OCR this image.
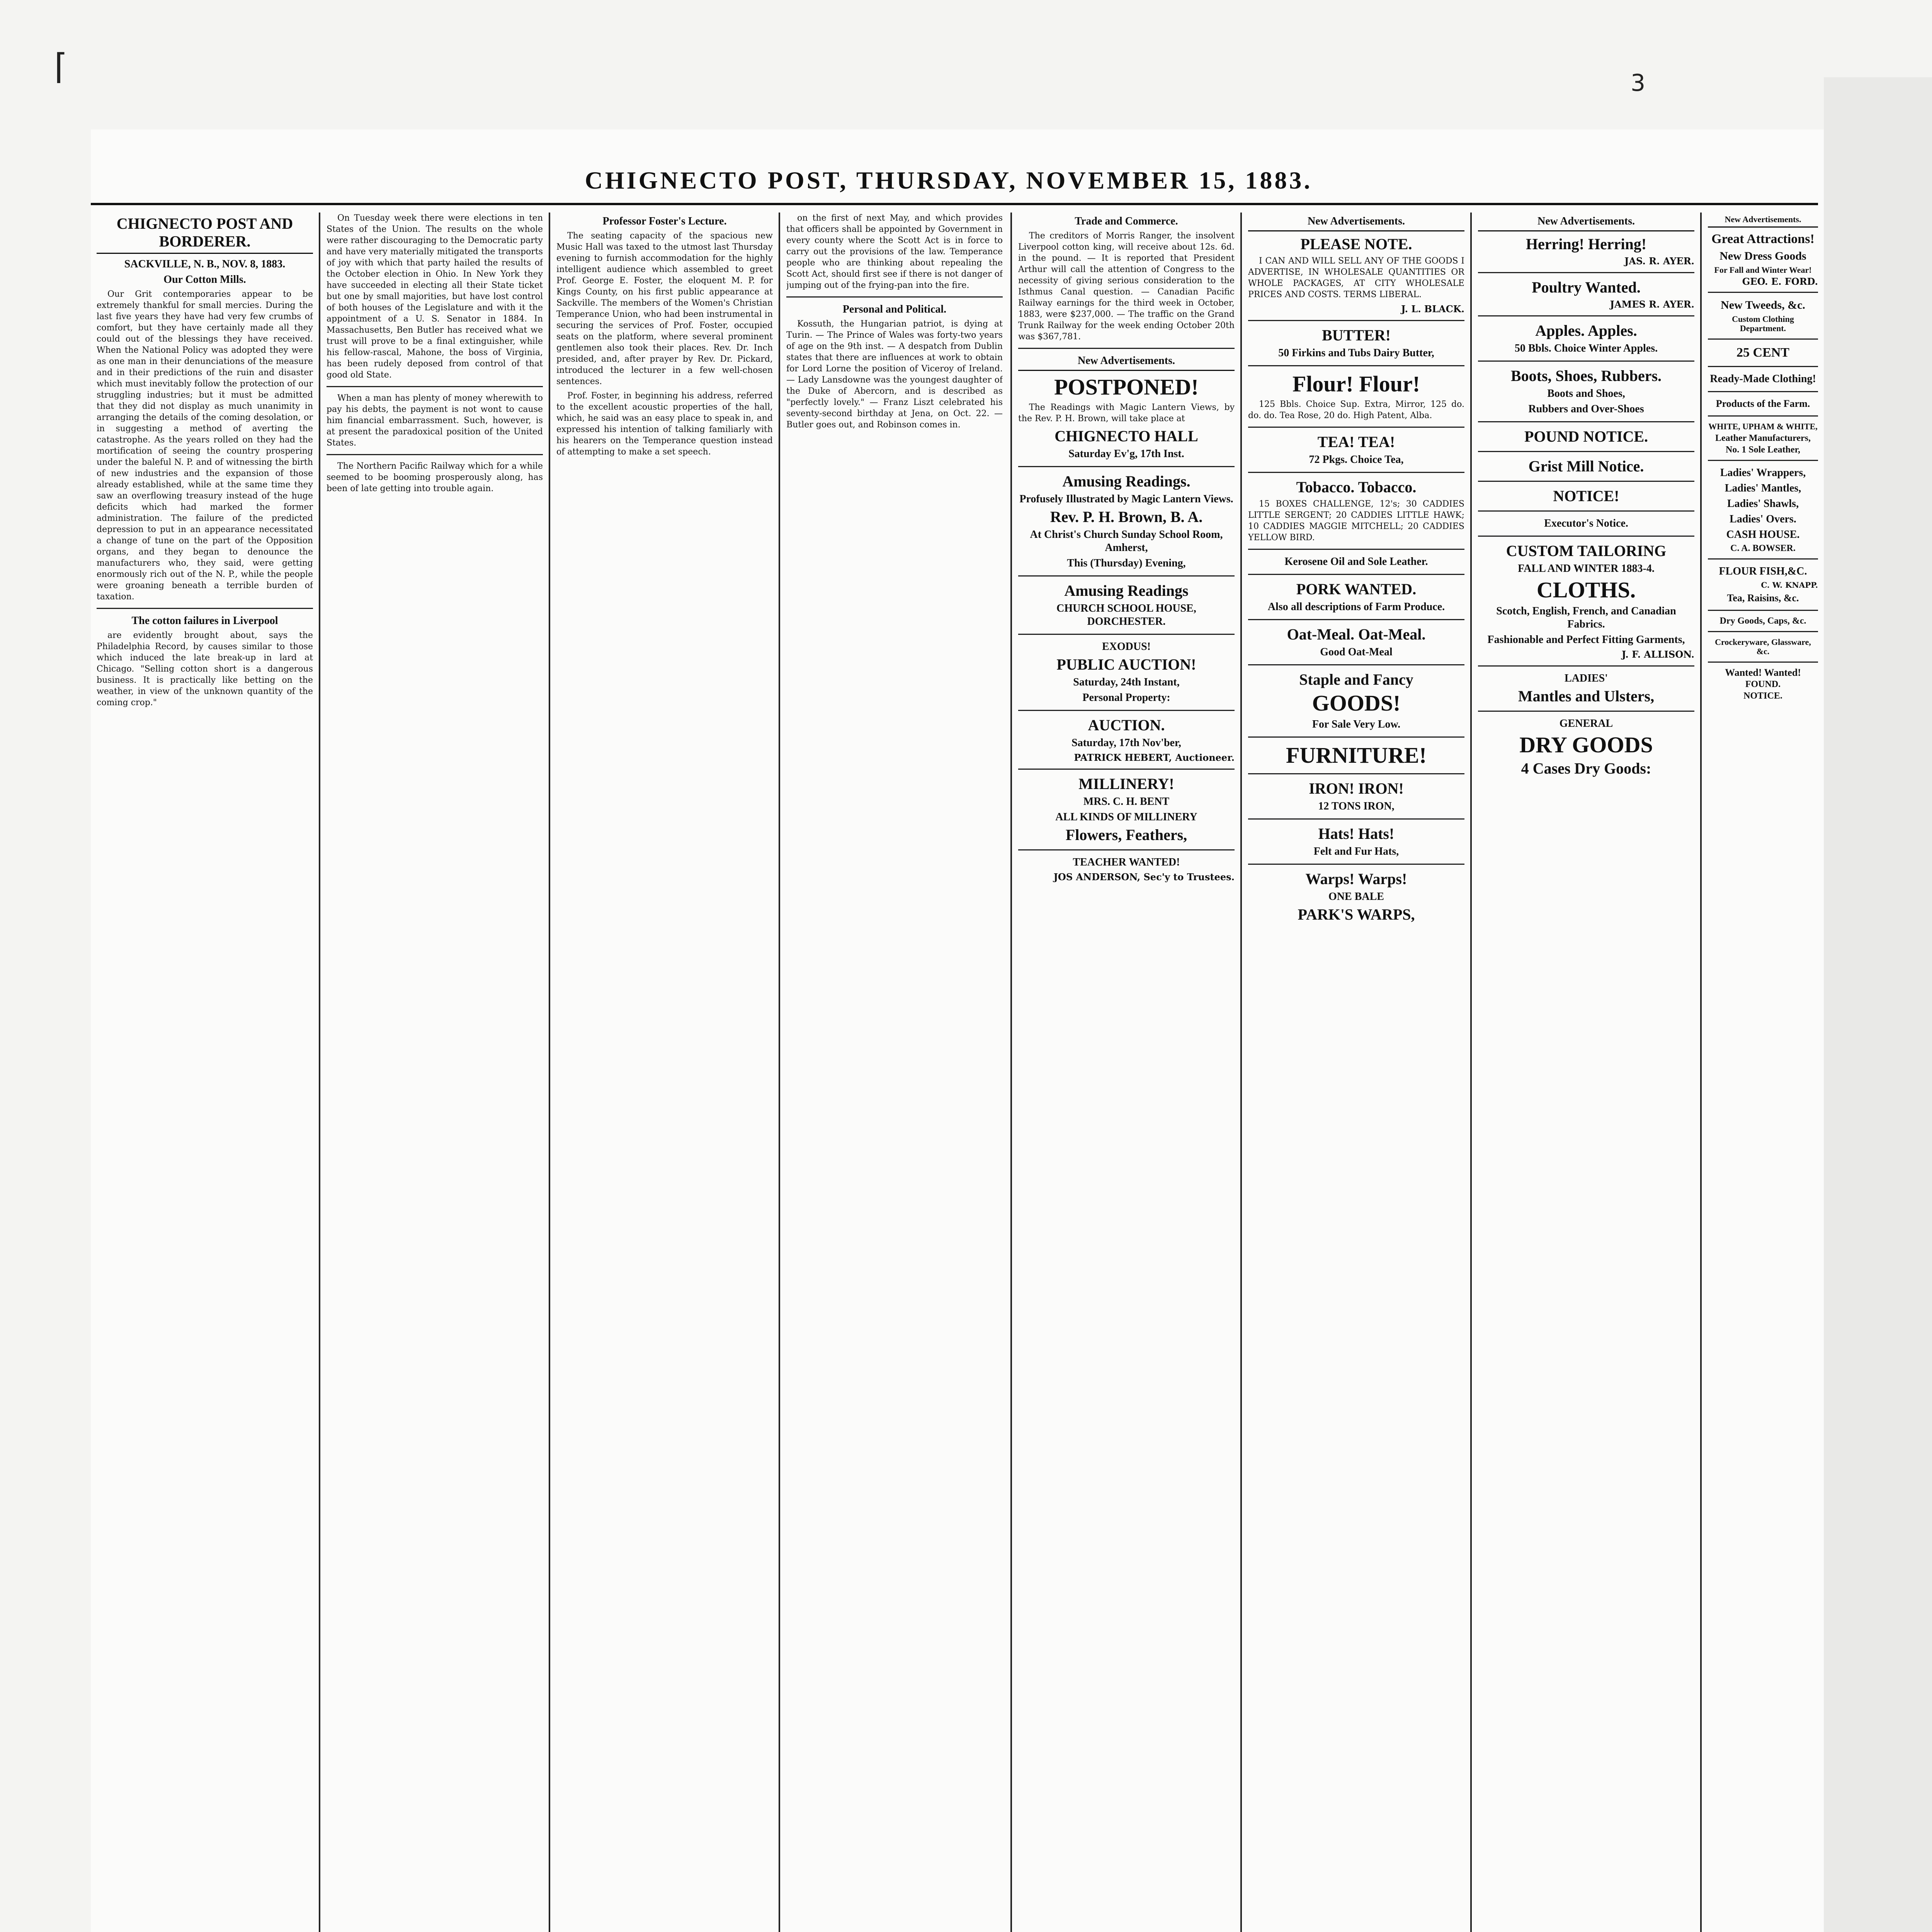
⌈	3
CHIGNECTO POST, THURSDAY, NOVEMBER 15, 1883.
CHIGNECTO POST AND BORDERER.
SACKVILLE, N. B., NOV. 8, 1883.
Our Cotton Mills.

Our Grit contemporaries appear to be extremely thankful for small mercies. During the last five years they have had very few crumbs of comfort, but they have certainly made all they could out of the blessings they have received. When the National Policy was adopted they were as one man in their denunciations of the measure and in their predictions of the ruin and disaster which must inevitably follow the protection of our struggling industries; but it must be admitted that they did not display as much unanimity in arranging the details of the coming desolation, or in suggesting a method of averting the catastrophe. As the years rolled on they had the mortification of seeing the country prospering under the baleful N. P. and of witnessing the birth of new industries and the expansion of those already established, while at the same time they saw an overflowing treasury instead of the huge deficits which had marked the former administration. The failure of the predicted depression to put in an appearance necessitated a change of tune on the part of the Opposition organs, and they began to denounce the manufacturers who, they said, were getting enormously rich out of the N. P., while the people were groaning beneath a terrible burden of taxation.

The cotton failures in Liverpool

are evidently brought about, says the Philadelphia Record, by causes similar to those which induced the late break-up in lard at Chicago. "Selling cotton short is a dangerous business. It is practically like betting on the weather, in view of the unknown quantity of the coming crop."

On Tuesday week there were elections in ten States of the Union. The results on the whole were rather discouraging to the Democratic party and have very materially mitigated the transports of joy with which that party hailed the results of the October election in Ohio. In New York they have succeeded in electing all their State ticket but one by small majorities, but have lost control of both houses of the Legislature and with it the appointment of a U. S. Senator in 1884. In Massachusetts, Ben Butler has received what we trust will prove to be a final extinguisher, while his fellow-rascal, Mahone, the boss of Virginia, has been rudely deposed from control of that good old State.

When a man has plenty of money wherewith to pay his debts, the payment is not wont to cause him financial embarrassment. Such, however, is at present the paradoxical position of the United States.

The Northern Pacific Railway which for a while seemed to be booming prosperously along, has been of late getting into trouble again.

Professor Foster's Lecture.

The seating capacity of the spacious new Music Hall was taxed to the utmost last Thursday evening to furnish accommodation for the highly intelligent audience which assembled to greet Prof. George E. Foster, the eloquent M. P. for Kings County, on his first public appearance at Sackville. The members of the Women's Christian Temperance Union, who had been instrumental in securing the services of Prof. Foster, occupied seats on the platform, where several prominent gentlemen also took their places. Rev. Dr. Inch presided, and, after prayer by Rev. Dr. Pickard, introduced the lecturer in a few well-chosen sentences.

Prof. Foster, in beginning his address, referred to the excellent acoustic properties of the hall, which, he said was an easy place to speak in, and expressed his intention of talking familiarly with his hearers on the Temperance question instead of attempting to make a set speech.

on the first of next May, and which provides that officers shall be appointed by Government in every county where the Scott Act is in force to carry out the provisions of the law. Temperance people who are thinking about repealing the Scott Act, should first see if there is not danger of jumping out of the frying-pan into the fire.

Personal and Political.

Kossuth, the Hungarian patriot, is dying at Turin. — The Prince of Wales was forty-two years of age on the 9th inst. — A despatch from Dublin states that there are influences at work to obtain for Lord Lorne the position of Viceroy of Ireland. — Lady Lansdowne was the youngest daughter of the Duke of Abercorn, and is described as "perfectly lovely." — Franz Liszt celebrated his seventy-second birthday at Jena, on Oct. 22. — Butler goes out, and Robinson comes in.

Trade and Commerce.

The creditors of Morris Ranger, the insolvent Liverpool cotton king, will receive about 12s. 6d. in the pound. — It is reported that President Arthur will call the attention of Congress to the necessity of giving serious consideration to the Isthmus Canal question. — Canadian Pacific Railway earnings for the third week in October, 1883, were $237,000. — The traffic on the Grand Trunk Railway for the week ending October 20th was $367,781.

New Advertisements.
POSTPONED!

The Readings with Magic Lantern Views, by the Rev. P. H. Brown, will take place at

CHIGNECTO HALL
Saturday Ev'g, 17th Inst.
Amusing Readings.
Profusely Illustrated by Magic Lantern Views.
Rev. P. H. Brown, B. A.
At Christ's Church Sunday School Room, Amherst,
This (Thursday) Evening,
Amusing Readings
CHURCH SCHOOL HOUSE, DORCHESTER.
EXODUS!
PUBLIC AUCTION!
Saturday, 24th Instant,
Personal Property:
AUCTION.
Saturday, 17th Nov'ber,
PATRICK HEBERT, Auctioneer.
MILLINERY!
MRS. C. H. BENT
ALL KINDS OF MILLINERY
Flowers, Feathers,
TEACHER WANTED!
JOS ANDERSON, Sec'y to Trustees.
New Advertisements.
PLEASE NOTE.

I CAN AND WILL SELL ANY OF THE GOODS I ADVERTISE, IN WHOLESALE QUANTITIES OR WHOLE PACKAGES, AT CITY WHOLESALE PRICES AND COSTS. TERMS LIBERAL.

J. L. BLACK.
BUTTER!
50 Firkins and Tubs Dairy Butter,
Flour! Flour!

125 Bbls. Choice Sup. Extra, Mirror, 125 do. do. do. Tea Rose, 20 do. High Patent, Alba.

TEA! TEA!
72 Pkgs. Choice Tea,
Tobacco. Tobacco.

15 BOXES CHALLENGE, 12's; 30 CADDIES LITTLE SERGENT; 20 CADDIES LITTLE HAWK; 10 CADDIES MAGGIE MITCHELL; 20 CADDIES YELLOW BIRD.

Kerosene Oil and Sole Leather.
PORK WANTED.
Also all descriptions of Farm Produce.
Oat-Meal. Oat-Meal.
Good Oat-Meal
Staple and Fancy
GOODS!
For Sale Very Low.
FURNITURE!
IRON! IRON!
12 TONS IRON,
Hats! Hats!
Felt and Fur Hats,
Warps! Warps!
ONE BALE
PARK'S WARPS,
New Advertisements.
Herring! Herring!
JAS. R. AYER.
Poultry Wanted.
JAMES R. AYER.
Apples. Apples.
50 Bbls. Choice Winter Apples.
Boots, Shoes, Rubbers.
Boots and Shoes,
Rubbers and Over-Shoes
POUND NOTICE.
Grist Mill Notice.
NOTICE!
Executor's Notice.
CUSTOM TAILORING
FALL AND WINTER 1883-4.
CLOTHS.
Scotch, English, French, and Canadian Fabrics.
Fashionable and Perfect Fitting Garments,
J. F. ALLISON.
LADIES'
Mantles and Ulsters,
GENERAL
DRY GOODS
4 Cases Dry Goods:
New Advertisements.
Great Attractions!
New Dress Goods
For Fall and Winter Wear!
GEO. E. FORD.
New Tweeds, &c.
Custom Clothing Department.
25 CENT
Ready-Made Clothing!
Products of the Farm.
WHITE, UPHAM & WHITE,
Leather Manufacturers,
No. 1 Sole Leather,
Ladies' Wrappers,
Ladies' Mantles,
Ladies' Shawls,
Ladies' Overs.
CASH HOUSE.
C. A. BOWSER.
FLOUR FISH,&C.
C. W. KNAPP.
Tea, Raisins, &c.
Dry Goods, Caps, &c.
Crockeryware, Glassware, &c.
Wanted! Wanted!
FOUND.
NOTICE.
